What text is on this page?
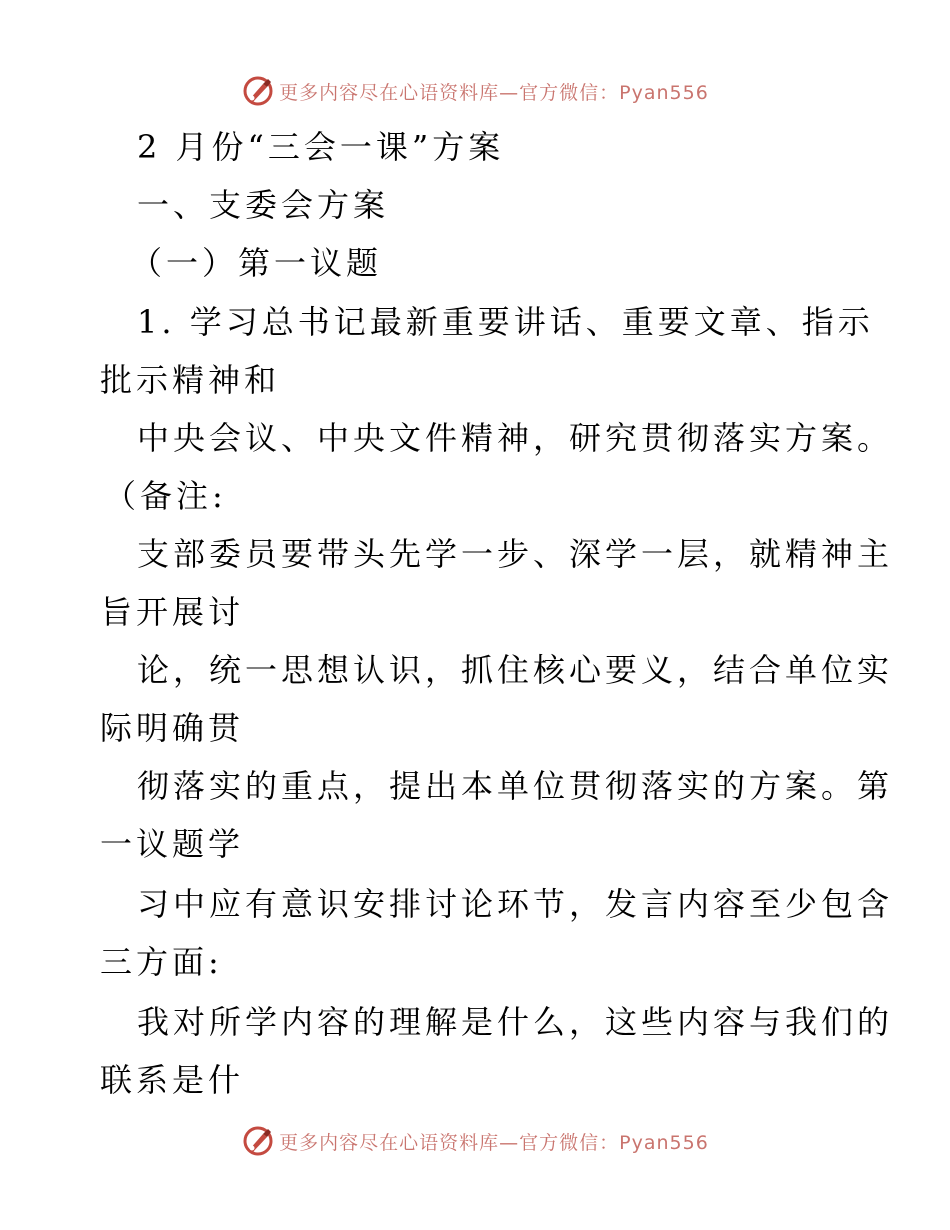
更多内容尽在心语资料库—官方微信：Pyan556
2 月份“三会一课”方案
一、支委会方案
（一）第一议题
1. 学习总书记最新重要讲话、重要文章、指示
批示精神和
中央会议、中央文件精神，研究贯彻落实方案。
（备注:
支部委员要带头先学一步、深学一层，就精神主
旨开展讨
论，统一思想认识，抓住核心要义，结合单位实
际明确贯
彻落实的重点，提出本单位贯彻落实的方案。第
一议题学
习中应有意识安排讨论环节，发言内容至少包含
三方面:
我对所学内容的理解是什么，这些内容与我们的
联系是什
更多内容尽在心语资料库—官方微信：Pyan556
